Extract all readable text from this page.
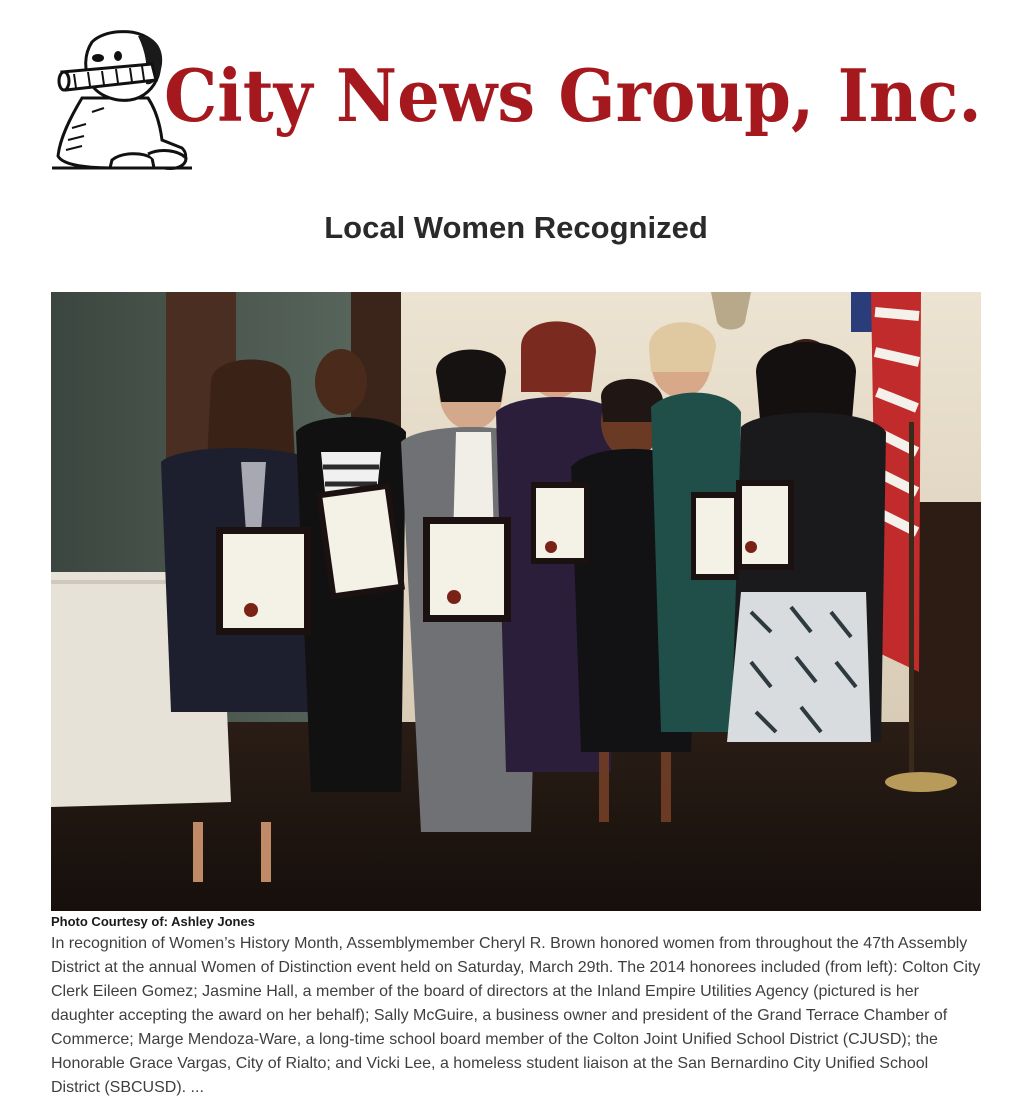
City News Group, Inc.
Local Women Recognized
Photo Courtesy of: Ashley Jones

In recognition of Women’s History Month, Assemblymember Cheryl R. Brown honored women from throughout the 47th Assembly District at the annual Women of Distinction event held on Saturday, March 29th. The 2014 honorees included (from left): Colton City Clerk Eileen Gomez; Jasmine Hall, a member of the board of directors at the Inland Empire Utilities Agency (pictured is her daughter accepting the award on her behalf); Sally McGuire, a business owner and president of the Grand Terrace Chamber of Commerce; Marge Mendoza-Ware, a long-time school board member of the Colton Joint Unified School District (CJUSD); the Honorable Grace Vargas, City of Rialto; and Vicki Lee, a homeless student liaison at the San Bernardino City Unified School District (SBCUSD). ...
